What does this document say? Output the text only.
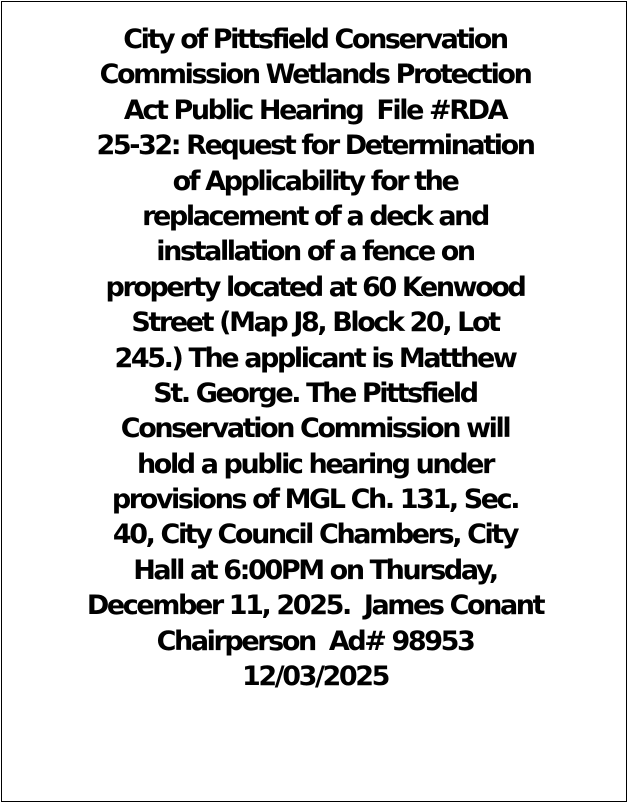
City of Pittsfield Conservation
Commission Wetlands Protection
Act Public Hearing  File #RDA
25-32: Request for Determination
of Applicability for the
replacement of a deck and
installation of a fence on
property located at 60 Kenwood
Street (Map J8, Block 20, Lot
245.) The applicant is Matthew
St. George. The Pittsfield
Conservation Commission will
hold a public hearing under
provisions of MGL Ch. 131, Sec.
40, City Council Chambers, City
Hall at 6:00PM on Thursday,
December 11, 2025.  James Conant
Chairperson  Ad# 98953
12/03/2025
